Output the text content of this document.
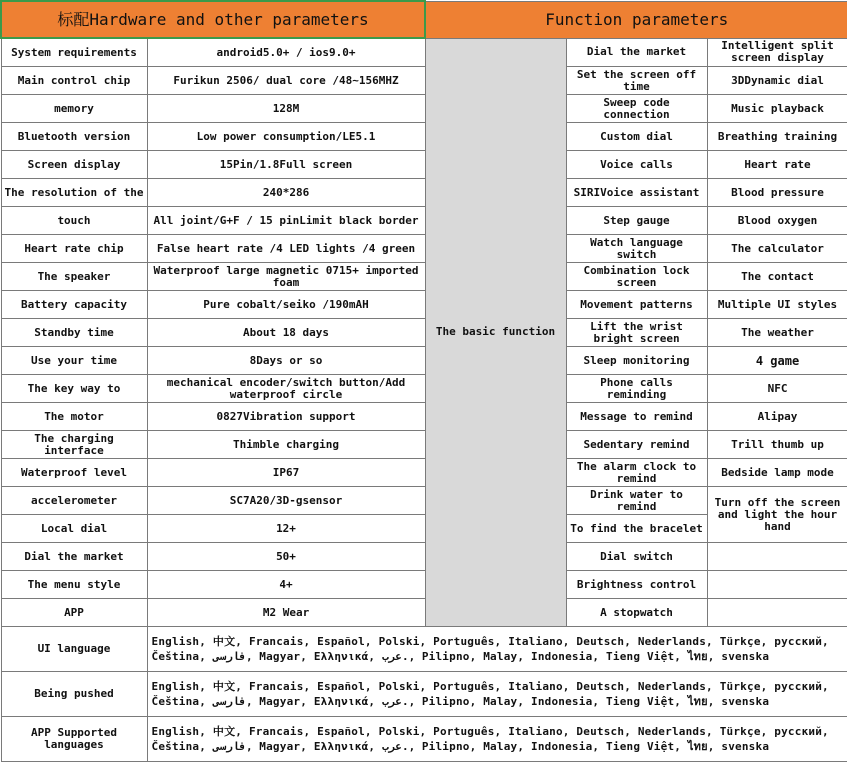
标配Hardware and other parameters		Function parameters		
System requirements	android5.0+ / ios9.0+	The basic function	Dial the market	Intelligent split screen display
Main control chip	Furikun 2506/ dual core /48~156MHZ		Set the screen off time	3DDynamic dial
memory	128M		Sweep code connection	Music playback
Bluetooth version	Low power consumption/LE5.1		Custom dial	Breathing training
Screen display	15Pin/1.8Full screen		Voice calls	Heart rate
The resolution of the	240*286		SIRIVoice assistant	Blood pressure
touch	All joint/G+F / 15 pinLimit black border		Step gauge	Blood oxygen
Heart rate chip	False heart rate /4 LED lights /4 green		Watch language switch	The calculator
The speaker	Waterproof large magnetic 0715+ imported foam		Combination lock screen	The contact
Battery capacity	Pure cobalt/seiko /190mAH		Movement patterns	Multiple UI styles
Standby time	About 18 days		Lift the wrist bright screen	The weather
Use your time	8Days or so		Sleep monitoring	4 game
The key way to	mechanical encoder/switch button/Add waterproof circle		Phone calls reminding	NFC
The motor	0827Vibration support		Message to remind	Alipay
The charging interface	Thimble charging		Sedentary remind	Trill thumb up
Waterproof level	IP67		The alarm clock to remind	Bedside lamp mode
accelerometer	SC7A20/3D-gsensor		Drink water to remind	Turn off the screen and light the hour hand
Local dial	12+		To find the bracelet	
Dial the market	50+		Dial switch	
The menu style	4+		Brightness control	
APP	M2 Wear		A stopwatch	
UI language	English, 中文, Francais, Español, Polski, Português, Italiano, Deutsch, Nederlands, Türkçe, русский, Čeština, فارسی, Magyar, Ελληνικά, عرب., Pilipno, Malay, Indonesia, Tieng Việt, ไทย, svenska			
Being pushed	English, 中文, Francais, Español, Polski, Português, Italiano, Deutsch, Nederlands, Türkçe, русский, Čeština, فارسی, Magyar, Ελληνικά, عرب., Pilipno, Malay, Indonesia, Tieng Việt, ไทย, svenska			
APP Supported languages	English, 中文, Francais, Español, Polski, Português, Italiano, Deutsch, Nederlands, Türkçe, русский, Čeština, فارسی, Magyar, Ελληνικά, عرب., Pilipno, Malay, Indonesia, Tieng Việt, ไทย, svenska			
